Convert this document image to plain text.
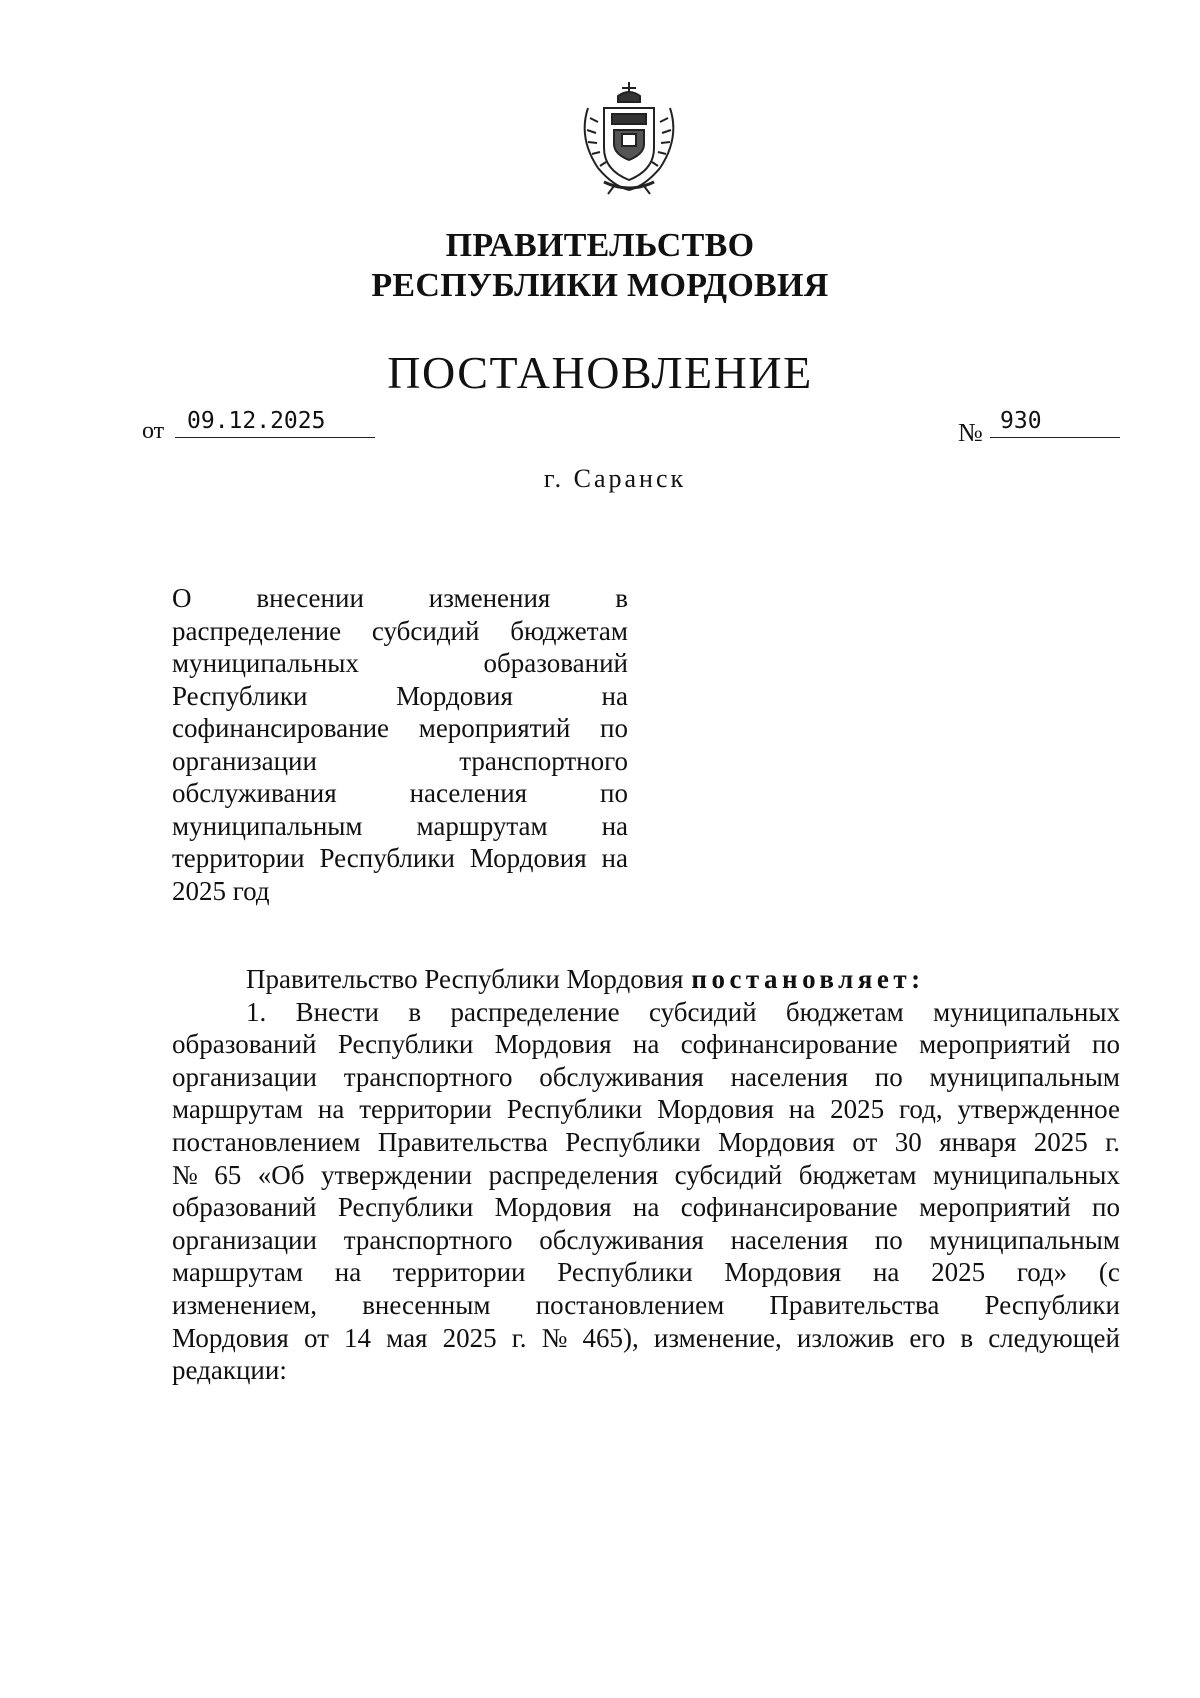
ПРАВИТЕЛЬСТВО
РЕСПУБЛИКИ МОРДОВИЯ
ПОСТАНОВЛЕНИЕ
от 09.12.2025	№ 930
г. Саранск
О внесении изменения в
распределение субсидий бюджетам
муниципальных	образований
Республики	Мордовия	на
софинансирование мероприятий по
организации	транспортного
обслуживания	населения	по
муниципальным маршрутам на
территории Республики Мордовия на
2025 год
Правительство Республики Мордовия постановляет:
1. Внести в распределение субсидий бюджетам муниципальных
образований Республики Мордовия на софинансирование мероприятий по
организации транспортного обслуживания населения по муниципальным
маршрутам на территории Республики Мордовия на 2025 год, утвержденное
постановлением Правительства Республики Мордовия от 30 января 2025 г.
№ 65 «Об утверждении распределения субсидий бюджетам муниципальных
образований Республики Мордовия на софинансирование мероприятий по
организации транспортного обслуживания населения по муниципальным
маршрутам на территории Республики Мордовия на 2025 год» (с
изменением, внесенным постановлением Правительства Республики
Мордовия от 14 мая 2025 г. № 465), изменение, изложив его в следующей
редакции:
